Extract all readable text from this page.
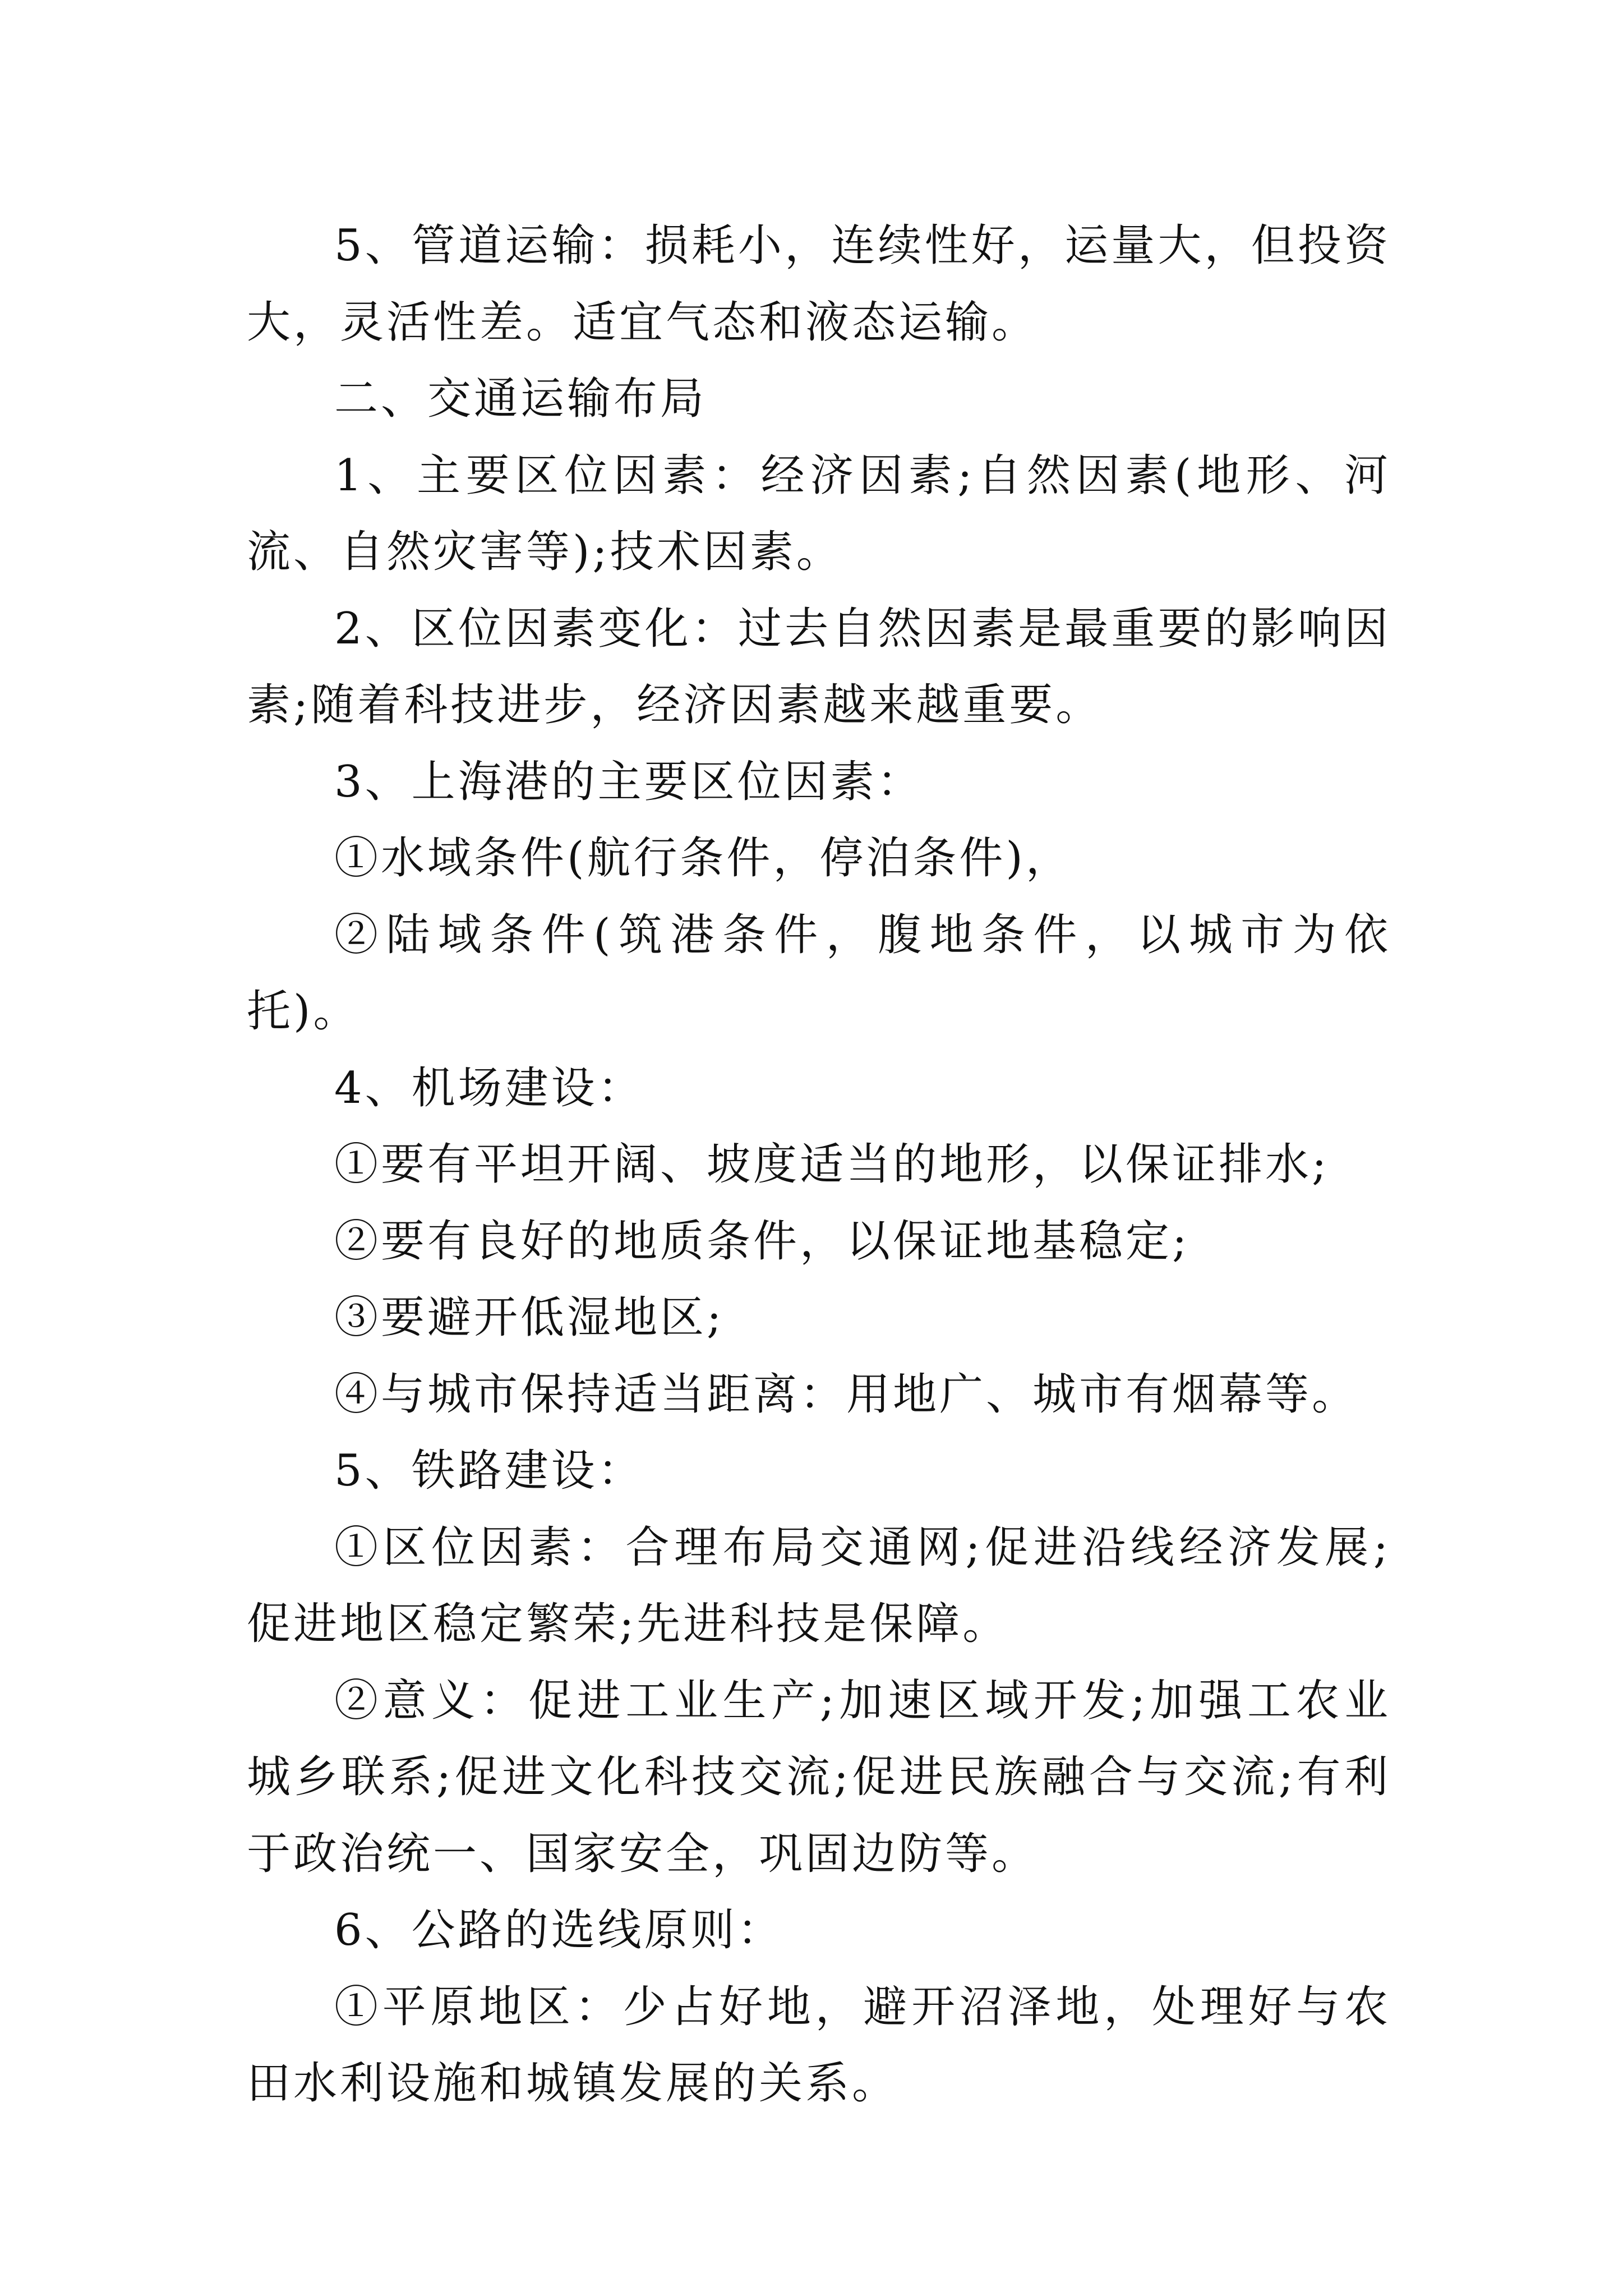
5、管道运输：损耗小，连续性好，运量大，但投资大，灵活性差。适宜气态和液态运输。

二、交通运输布局

1、主要区位因素：经济因素;自然因素(地形、河流、自然灾害等);技术因素。

2、区位因素变化：过去自然因素是最重要的影响因素;随着科技进步，经济因素越来越重要。

3、上海港的主要区位因素：

①水域条件(航行条件，停泊条件)，

②陆域条件(筑港条件，腹地条件，以城市为依托)。

4、机场建设：

①要有平坦开阔、坡度适当的地形，以保证排水;

②要有良好的地质条件，以保证地基稳定;

③要避开低湿地区;

④与城市保持适当距离：用地广、城市有烟幕等。

5、铁路建设：

①区位因素：合理布局交通网;促进沿线经济发展;促进地区稳定繁荣;先进科技是保障。

②意义：促进工业生产;加速区域开发;加强工农业城乡联系;促进文化科技交流;促进民族融合与交流;有利于政治统一、国家安全，巩固边防等。

6、公路的选线原则：

①平原地区：少占好地，避开沼泽地，处理好与农田水利设施和城镇发展的关系。
